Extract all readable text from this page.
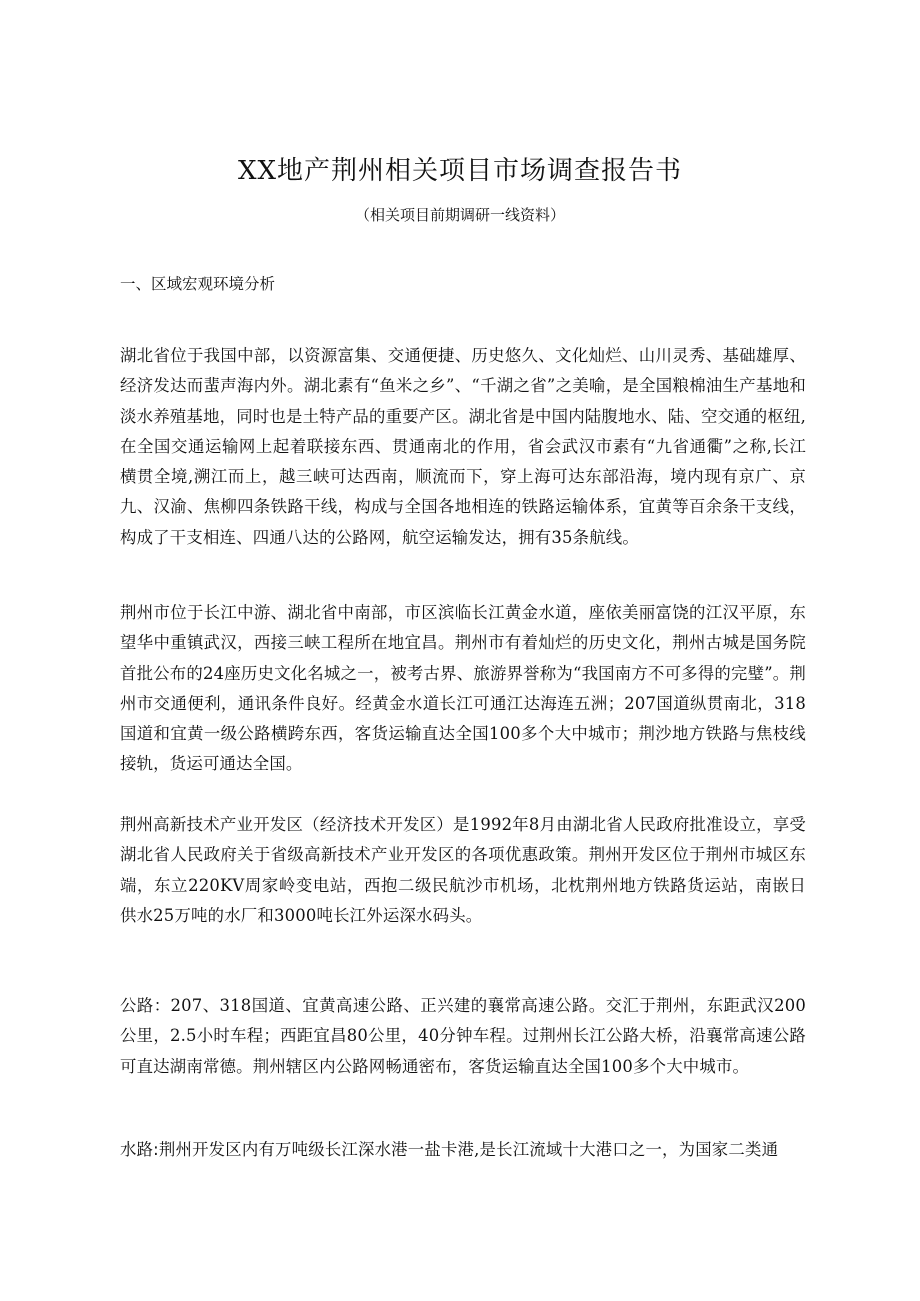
XX地产荆州相关项目市场调查报告书

（相关项目前期调研一线资料）

一、区域宏观环境分析

湖北省位于我国中部，以资源富集、交通便捷、历史悠久、文化灿烂、山川灵秀、基础雄厚、经济发达而蜚声海内外。湖北素有“鱼米之乡”、“千湖之省”之美喻，是全国粮棉油生产基地和淡水养殖基地，同时也是土特产品的重要产区。湖北省是中国内陆腹地水、陆、空交通的枢纽,在全国交通运输网上起着联接东西、贯通南北的作用，省会武汉市素有“九省通衢”之称,长江横贯全境,溯江而上，越三峡可达西南，顺流而下，穿上海可达东部沿海，境内现有京广、京九、汉渝、焦柳四条铁路干线，构成与全国各地相连的铁路运输体系，宜黄等百余条干支线，构成了干支相连、四通八达的公路网，航空运输发达，拥有35条航线。

荆州市位于长江中游、湖北省中南部，市区滨临长江黄金水道，座依美丽富饶的江汉平原，东望华中重镇武汉，西接三峡工程所在地宜昌。荆州市有着灿烂的历史文化，荆州古城是国务院首批公布的24座历史文化名城之一，被考古界、旅游界誉称为“我国南方不可多得的完璧”。荆州市交通便利，通讯条件良好。经黄金水道长江可通江达海连五洲；207国道纵贯南北，318国道和宜黄一级公路横跨东西，客货运输直达全国100多个大中城市；荆沙地方铁路与焦枝线接轨，货运可通达全国。

荆州高新技术产业开发区（经济技术开发区）是1992年8月由湖北省人民政府批准设立，享受湖北省人民政府关于省级高新技术产业开发区的各项优惠政策。荆州开发区位于荆州市城区东端，东立220KV周家岭变电站，西抱二级民航沙市机场，北枕荆州地方铁路货运站，南嵌日供水25万吨的水厂和3000吨长江外运深水码头。

公路：207、318国道、宜黄高速公路、正兴建的襄常高速公路。交汇于荆州，东距武汉200公里，2.5小时车程；西距宜昌80公里，40分钟车程。过荆州长江公路大桥，沿襄常高速公路可直达湖南常德。荆州辖区内公路网畅通密布，客货运输直达全国100多个大中城市。

水路:荆州开发区内有万吨级长江深水港一盐卡港,是长江流域十大港口之一，为国家二类通
